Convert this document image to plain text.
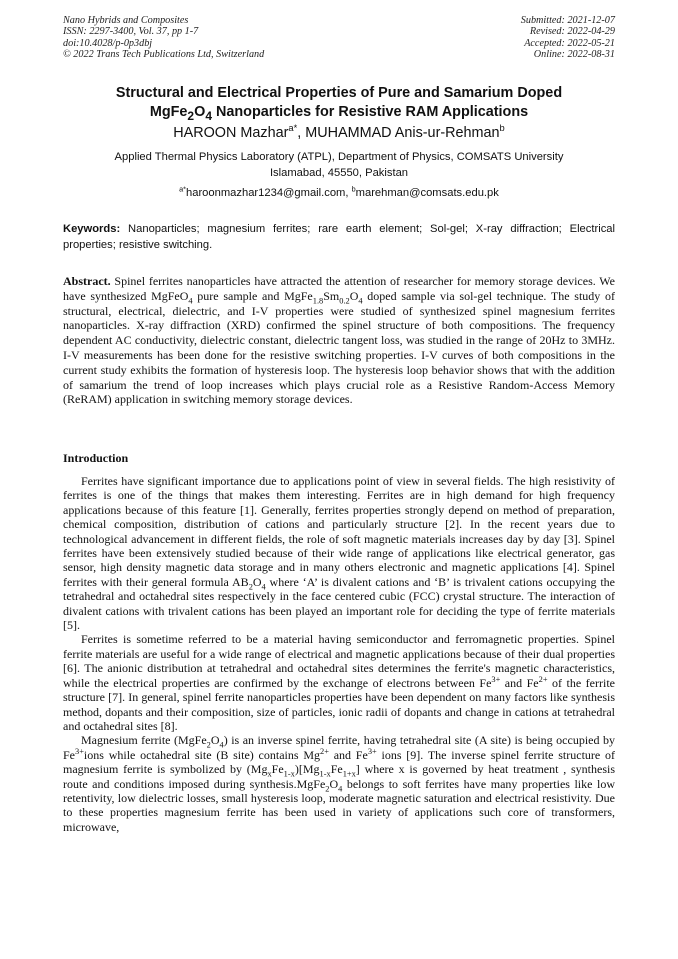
Nano Hybrids and Composites
ISSN: 2297-3400, Vol. 37, pp 1-7
doi:10.4028/p-0p3dbj
© 2022 Trans Tech Publications Ltd, Switzerland
Submitted: 2021-12-07
Revised: 2022-04-29
Accepted: 2022-05-21
Online: 2022-08-31
Structural and Electrical Properties of Pure and Samarium Doped
$MgFe_2O_4$ Nanoparticles for Resistive RAM Applications
HAROON Mazhar$^{a*}$, MUHAMMAD Anis-ur-Rehman$^b$
Applied Thermal Physics Laboratory (ATPL), Department of Physics, COMSATS University
Islamabad, 45550, Pakistan
$^{a*}$haroonmazhar1234@gmail.com, $^b$marehman@comsats.edu.pk
Keywords: Nanoparticles; magnesium ferrites; rare earth element; Sol-gel; X-ray diffraction; Electrical properties; resistive switching.
Abstract. Spinel ferrites nanoparticles have attracted the attention of researcher for memory storage devices. We have synthesized MgFeO$_4$ pure sample and $MgFe_{1.8}Sm_{0.2}O_4$ doped sample via sol-gel technique. The study of structural, electrical, dielectric, and I-V properties were studied of synthesized spinel magnesium ferrites nanoparticles. X-ray diffraction (XRD) confirmed the spinel structure of both compositions. The frequency dependent AC conductivity, dielectric constant, dielectric tangent loss, was studied in the range of 20Hz to 3MHz. I-V measurements has been done for the resistive switching properties. I-V curves of both compositions in the current study exhibits the formation of hysteresis loop. The hysteresis loop behavior shows that with the addition of samarium the trend of loop increases which plays crucial role as a Resistive Random-Access Memory (ReRAM) application in switching memory storage devices.
Introduction

Ferrites have significant importance due to applications point of view in several fields. The high resistivity of ferrites is one of the things that makes them interesting. Ferrites are in high demand for high frequency applications because of this feature [1]. Generally, ferrites properties strongly depend on method of preparation, chemical composition, distribution of cations and particularly structure [2]. In the recent years due to technological advancement in different fields, the role of soft magnetic materials increases day by day [3]. Spinel ferrites have been extensively studied because of their wide range of applications like electrical generator, gas sensor, high density magnetic data storage and in many others electronic and magnetic applications [4]. Spinel ferrites with their general formula $AB_2O_4$ where ‘A’ is divalent cations and ‘B’ is trivalent cations occupying the tetrahedral and octahedral sites respectively in the face centered cubic (FCC) crystal structure. The interaction of divalent cations with trivalent cations has been played an important role for deciding the type of ferrite materials [5].

Ferrites is sometime referred to be a material having semiconductor and ferromagnetic properties. Spinel ferrite materials are useful for a wide range of electrical and magnetic applications because of their dual properties [6]. The anionic distribution at tetrahedral and octahedral sites determines the ferrite's magnetic characteristics, while the electrical properties are confirmed by the exchange of electrons between $Fe^{3+}$ and $Fe^{2+}$ of the ferrite structure [7]. In general, spinel ferrite nanoparticles properties have been dependent on many factors like synthesis method, dopants and their composition, size of particles, ionic radii of dopants and change in cations at tetrahedral and octahedral sites [8].

Magnesium ferrite $(MgFe_2O_4)$ is an inverse spinel ferrite, having tetrahedral site (A site) is being occupied by $Fe^{3+}ions$ while octahedral site (B site) contains $Mg^{2+}$ and $Fe^{3+}$ ions [9]. The inverse spinel ferrite structure of magnesium ferrite is symbolized by $(Mg_xFe_{1-x})[Mg_{1-x}Fe_{1+x}]$ where x is governed by heat treatment , synthesis route and conditions imposed during $synthesis.MgFe_2O_4$ belongs to soft ferrites have many properties like low retentivity, low dielectric losses, small hysteresis loop, moderate magnetic saturation and electrical resistivity. Due to these properties magnesium ferrite has been used in variety of applications such core of transformers, microwave,
